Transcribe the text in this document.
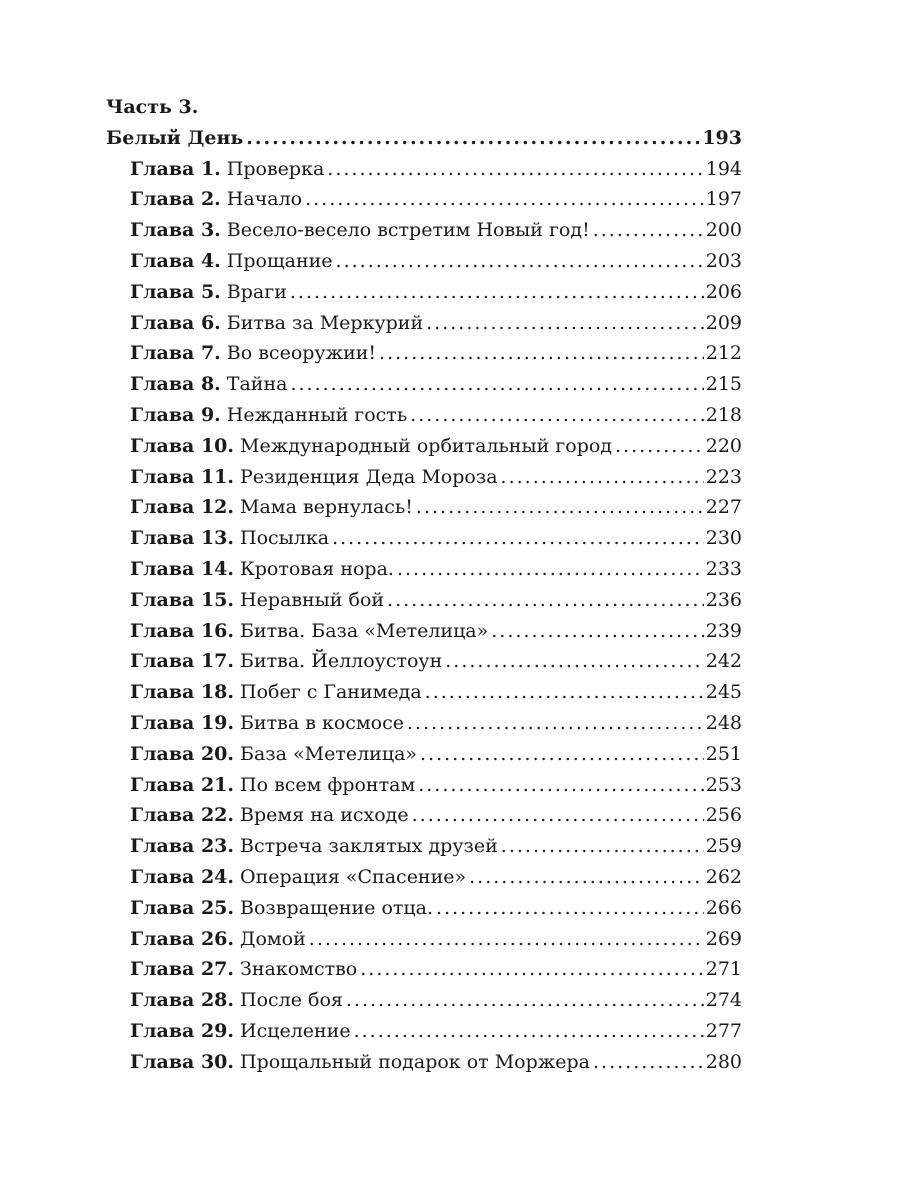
Часть 3.
Белый День .....	193
Глава 1. Проверка .....	194
Глава 2. Начало .....	197
Глава 3. Весело-весело встретим Новый год! .....	200
Глава 4. Прощание .....	203
Глава 5. Враги .....	206
Глава 6. Битва за Меркурий .....	209
Глава 7. Во всеоружии! .....	212
Глава 8. Тайна .....	215
Глава 9. Нежданный гость .....	218
Глава 10. Международный орбитальный город .....	220
Глава 11. Резиденция Деда Мороза .....	223
Глава 12. Мама вернулась! .....	227
Глава 13. Посылка .....	230
Глава 14. Кротовая нора. .....	233
Глава 15. Неравный бой .....	236
Глава 16. Битва. База «Метелица» .....	239
Глава 17. Битва. Йеллоустоун .....	242
Глава 18. Побег с Ганимеда .....	245
Глава 19. Битва в космосе .....	248
Глава 20. База «Метелица» .....	251
Глава 21. По всем фронтам .....	253
Глава 22. Время на исходе .....	256
Глава 23. Встреча заклятых друзей .....	259
Глава 24. Операция «Спасение» .....	262
Глава 25. Возвращение отца. .....	266
Глава 26. Домой .....	269
Глава 27. Знакомство .....	271
Глава 28. После боя .....	274
Глава 29. Исцеление .....	277
Глава 30. Прощальный подарок от Моржера .....	280
